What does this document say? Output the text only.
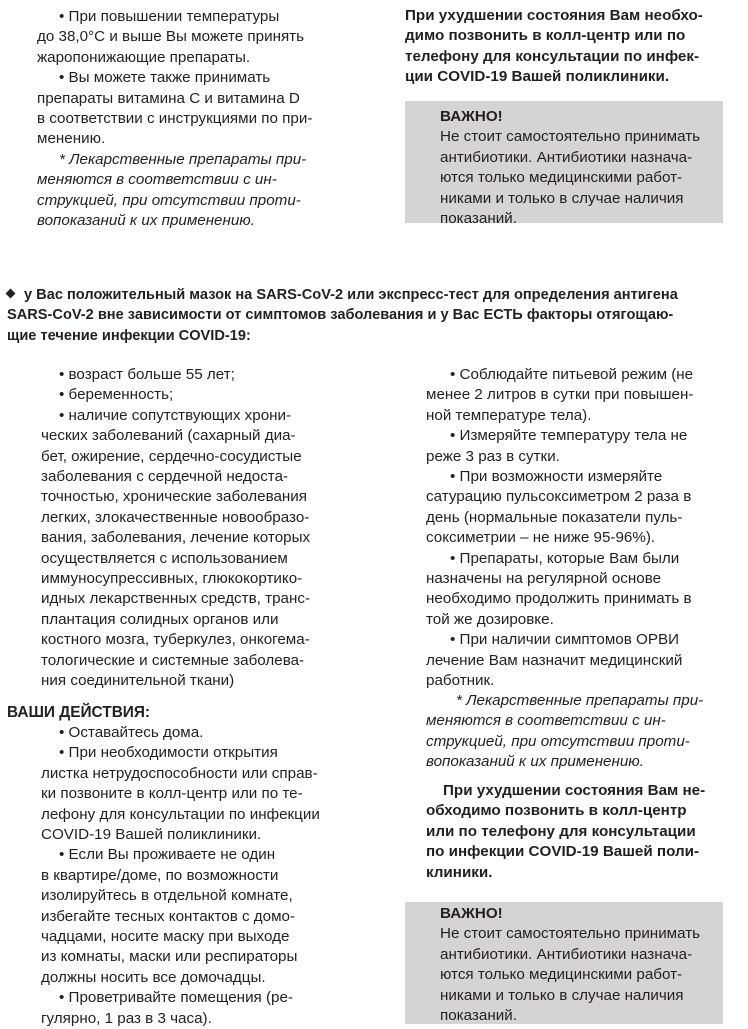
• При повышении температуры
до 38,0°С и выше Вы можете принять
жаропонижающие препараты.
• Вы можете также принимать
препараты витамина С и витамина D
в соответствии с инструкциями по при-
менению.
* Лекарственные препараты при-
меняются в соответствии с ин-
струкцией, при отсутствии проти-
вопоказаний к их применению.
При ухудшении состояния Вам необхо-
димо позвонить в колл-центр или по
телефону для консультации по инфек-
ции COVID-19 Вашей поликлиники.
ВАЖНО!
Не стоит самостоятельно принимать
антибиотики. Антибиотики назнача-
ются только медицинскими работ-
никами и только в случае наличия
показаний.
у Вас положительный мазок на SARS-CoV-2 или экспресс-тест для определения антигена
SARS-CoV-2 вне зависимости от симптомов заболевания и у Вас ЕСТЬ факторы отягощаю-
щие течение инфекции COVID-19:
• возраст больше 55 лет;
• беременность;
• наличие сопутствующих хрони-
ческих заболеваний (сахарный диа-
бет, ожирение, сердечно-сосудистые
заболевания с сердечной недоста-
точностью, хронические заболевания
легких, злокачественные новообразо-
вания, заболевания, лечение которых
осуществляется с использованием
иммуносупрессивных, глюкокортико-
идных лекарственных средств, транс-
плантация солидных органов или
костного мозга, туберкулез, онкогема-
тологические и системные заболева-
ния соединительной ткани)
ВАШИ ДЕЙСТВИЯ:
• Оставайтесь дома.
• При необходимости открытия
листка нетрудоспособности или справ-
ки позвоните в колл-центр или по те-
лефону для консультации по инфекции
COVID-19 Вашей поликлиники.
• Если Вы проживаете не один
в квартире/доме, по возможности
изолируйтесь в отдельной комнате,
избегайте тесных контактов с домо-
чадцами, носите маску при выходе
из комнаты, маски или респираторы
должны носить все домочадцы.
• Проветривайте помещения (ре-
гулярно, 1 раз в 3 часа).
• Соблюдайте питьевой режим (не
менее 2 литров в сутки при повышен-
ной температуре тела).
• Измеряйте температуру тела не
реже 3 раз в сутки.
• При возможности измеряйте
сатурацию пульсоксиметром 2 раза в
день (нормальные показатели пуль-
соксиметрии – не ниже 95-96%).
• Препараты, которые Вам были
назначены на регулярной основе
необходимо продолжить принимать в
той же дозировке.
• При наличии симптомов ОРВИ
лечение Вам назначит медицинский
работник.
* Лекарственные препараты при-
меняются в соответствии с ин-
струкцией, при отсутствии проти-
вопоказаний к их применению.
При ухудшении состояния Вам не-
обходимо позвонить в колл-центр
или по телефону для консультации
по инфекции COVID-19 Вашей поли-
клиники.
ВАЖНО!
Не стоит самостоятельно принимать
антибиотики. Антибиотики назнача-
ются только медицинскими работ-
никами и только в случае наличия
показаний.
